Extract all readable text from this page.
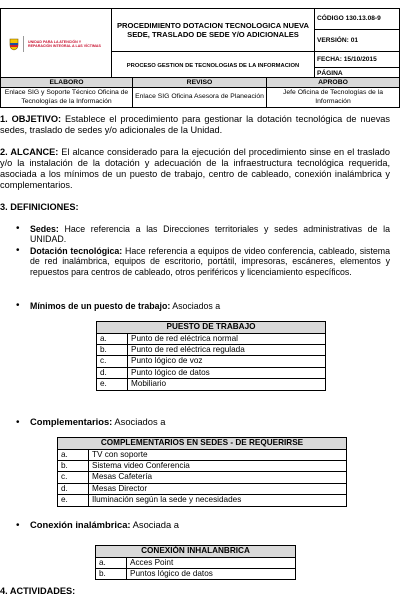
UNIDAD PARA LA ATENCIÓN Y REPARACIÓN INTEGRAL A LAS VÍCTIMAS	PROCEDIMIENTO DOTACION TECNOLOGICA NUEVA SEDE, TRASLADO DE SEDE Y/O ADICIONALES	CÓDIGO 130.13.08-9
		VERSIÓN: 01
	PROCESO GESTION DE TECNOLOGIAS DE LA INFORMACION	FECHA: 15/10/2015
		PÁGINA
ELABORO	REVISO	APROBO
Enlace SIG y Soporte Técnico Oficina de Tecnologías de la Información	Enlace SIG Oficina Asesora de Planeación	Jefe Oficina de Tecnologías de la Información
1. OBJETIVO: Establece el procedimiento para gestionar la dotación tecnológica de nuevas sedes, traslado de sedes y/o adicionales de la Unidad.
2. ALCANCE: El alcance considerado para la ejecución del procedimiento sinse en el traslado y/o la instalación de la dotación y adecuación de la infraestructura tecnológica requerida, asociada a los mínimos de un puesto de trabajo, centro de cableado, conexión inalámbrica y complementarios.
3. DEFINICIONES:
• Sedes: Hace referencia a las Direcciones territoriales y sedes administrativas de la UNIDAD.
• Dotación tecnológica: Hace referencia a equipos de video conferencia, cableado, sistema de red inalámbrica, equipos de escritorio, portátil, impresoras, escáneres, elementos y repuestos para centros de cableado, otros periféricos y licenciamiento específicos.
• Mínimos de un puesto de trabajo: Asociados a
PUESTO DE TRABAJO	
a.	Punto de red eléctrica normal
b.	Punto de red eléctrica regulada
c.	Punto lógico de voz
d.	Punto lógico de datos
e.	Mobiliario
• Complementarios: Asociados a
COMPLEMENTARIOS EN SEDES - DE REQUERIRSE	
a.	TV con soporte
b.	Sistema video Conferencia
c.	Mesas Cafetería
d.	Mesas Director
e.	Iluminación según la sede y necesidades
• Conexión inalámbrica: Asociada a
CONEXIÓN INHALANBRICA	
a.	Acces Point
b.	Puntos lógico de datos
4. ACTIVIDADES:
